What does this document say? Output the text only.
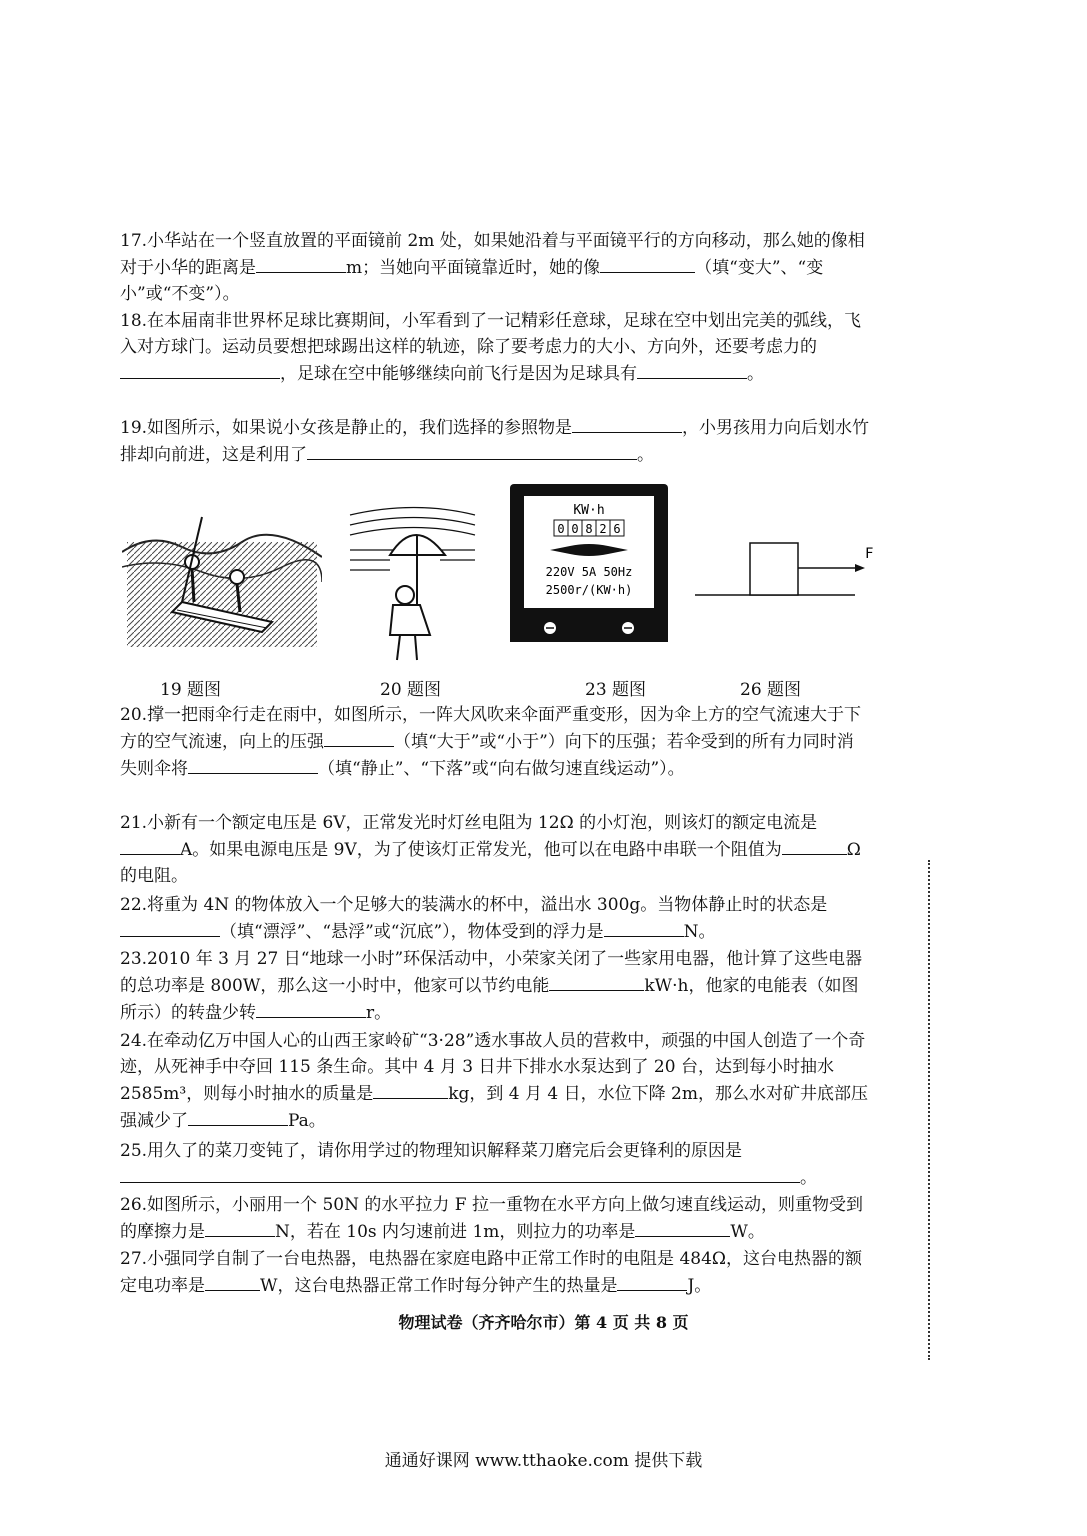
17.小华站在一个竖直放置的平面镜前 2m 处，如果她沿着与平面镜平行的方向移动，那么她的像相对于小华的距离是	m；当她向平面镜靠近时，她的像	（填“变大”、“变小”或“不变”）。
18.在本届南非世界杯足球比赛期间，小军看到了一记精彩任意球，足球在空中划出完美的弧线，飞入对方球门。运动员要想把球踢出这样的轨迹，除了要考虑力的大小、方向外，还要考虑力的，足球在空中能够继续向前飞行是因为足球具有	。
19.如图所示，如果说小女孩是静止的，我们选择的参照物是	，小男孩用力向后划水竹排却向前进，这是利用了	。
KW·h
0 0 8 2 6
220V 5A 50Hz
2500r/(KW·h)
F
19 题图	20 题图	23 题图	26 题图
20.撑一把雨伞行走在雨中，如图所示，一阵大风吹来伞面严重变形，因为伞上方的空气流速大于下方的空气流速，向上的压强	（填“大于”或“小于”）向下的压强；若伞受到的所有力同时消失则伞将	（填“静止”、“下落”或“向右做匀速直线运动”）。
21.小新有一个额定电压是 6V，正常发光时灯丝电阻为 12Ω 的小灯泡，则该灯的额定电流是A。如果电源电压是 9V，为了使该灯正常发光，他可以在电路中串联一个阻值为	Ω 的电阻。
22.将重为 4N 的物体放入一个足够大的装满水的杯中，溢出水 300g。当物体静止时的状态是（填“漂浮”、“悬浮”或“沉底”），物体受到的浮力是	N。
23.2010 年 3 月 27 日“地球一小时”环保活动中，小荣家关闭了一些家用电器，他计算了这些电器的总功率是 800W，那么这一小时中，他家可以节约电能	kW·h，他家的电能表（如图所示）的转盘少转	r。
24.在牵动亿万中国人心的山西王家岭矿“3·28”透水事故人员的营救中，顽强的中国人创造了一个奇迹，从死神手中夺回 115 条生命。其中 4 月 3 日井下排水水泵达到了 20 台，达到每小时抽水 2585m³，则每小时抽水的质量是	kg，到 4 月 4 日，水位下降 2m，那么水对矿井底部压强减少了	Pa。
25.用久了的菜刀变钝了，请你用学过的物理知识解释菜刀磨完后会更锋利的原因是。
26.如图所示，小丽用一个 50N 的水平拉力 F 拉一重物在水平方向上做匀速直线运动，则重物受到的摩擦力是	N，若在 10s 内匀速前进 1m，则拉力的功率是	W。
27.小强同学自制了一台电热器，电热器在家庭电路中正常工作时的电阻是 484Ω，这台电热器的额定电功率是	W，这台电热器正常工作时每分钟产生的热量是	J。
物理试卷（齐齐哈尔市）第 4 页 共 8 页
通通好课网 www.tthaoke.com 提供下载
